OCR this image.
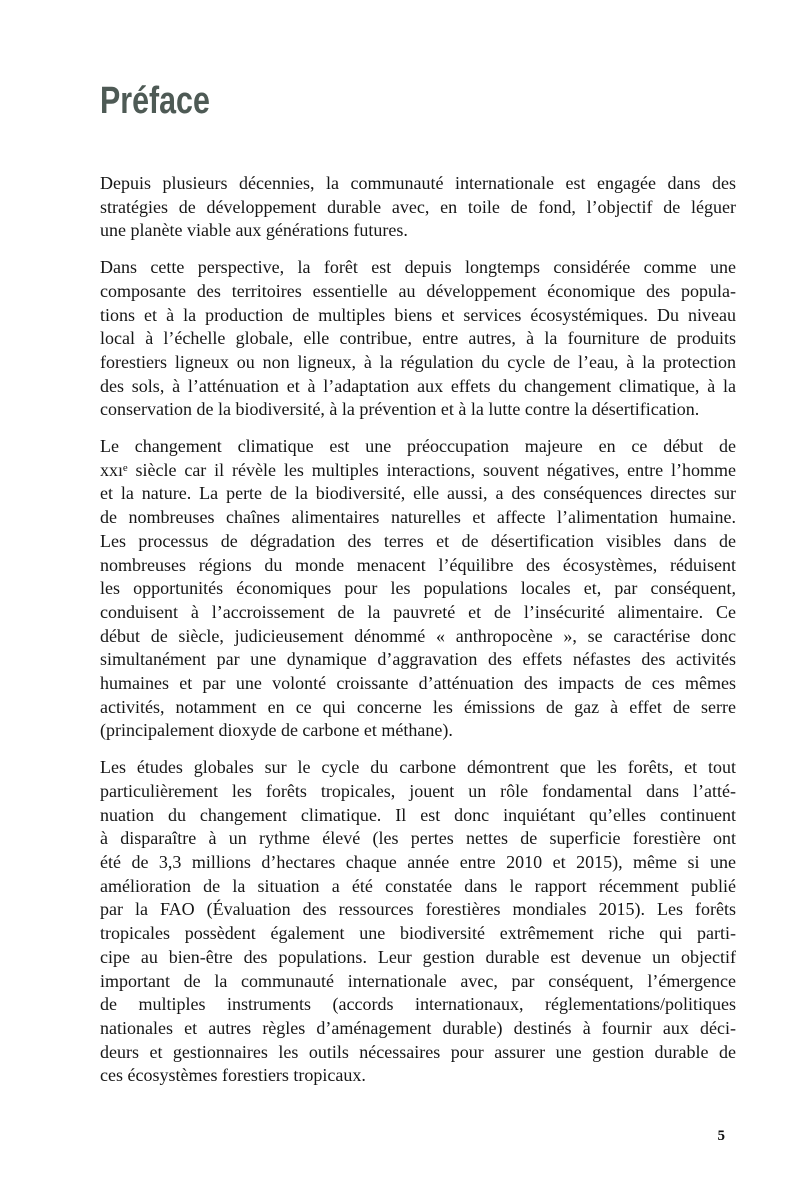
Préface

Depuis plusieurs décennies, la communauté internationale est engagée dans des
stratégies de développement durable avec, en toile de fond, l’objectif de léguer
une planète viable aux générations futures.

Dans cette perspective, la forêt est depuis longtemps considérée comme une
composante des territoires essentielle au développement économique des popula-
tions et à la production de multiples biens et services écosystémiques. Du niveau
local à l’échelle globale, elle contribue, entre autres, à la fourniture de produits
forestiers ligneux ou non ligneux, à la régulation du cycle de l’eau, à la protection
des sols, à l’atténuation et à l’adaptation aux effets du changement climatique, à la
conservation de la biodiversité, à la prévention et à la lutte contre la désertification.

Le changement climatique est une préoccupation majeure en ce début de
xxıᵉ siècle car il révèle les multiples interactions, souvent négatives, entre l’homme
et la nature. La perte de la biodiversité, elle aussi, a des conséquences directes sur
de nombreuses chaînes alimentaires naturelles et affecte l’alimentation humaine.
Les processus de dégradation des terres et de désertification visibles dans de
nombreuses régions du monde menacent l’équilibre des écosystèmes, réduisent
les opportunités économiques pour les populations locales et, par conséquent,
conduisent à l’accroissement de la pauvreté et de l’insécurité alimentaire. Ce
début de siècle, judicieusement dénommé « anthropocène », se caractérise donc
simultanément par une dynamique d’aggravation des effets néfastes des activités
humaines et par une volonté croissante d’atténuation des impacts de ces mêmes
activités, notamment en ce qui concerne les émissions de gaz à effet de serre
(principalement dioxyde de carbone et méthane).

Les études globales sur le cycle du carbone démontrent que les forêts, et tout
particulièrement les forêts tropicales, jouent un rôle fondamental dans l’atté-
nuation du changement climatique. Il est donc inquiétant qu’elles continuent
à disparaître à un rythme élevé (les pertes nettes de superficie forestière ont
été de 3,3 millions d’hectares chaque année entre 2010 et 2015), même si une
amélioration de la situation a été constatée dans le rapport récemment publié
par la FAO (Évaluation des ressources forestières mondiales 2015). Les forêts
tropicales possèdent également une biodiversité extrêmement riche qui parti-
cipe au bien-être des populations. Leur gestion durable est devenue un objectif
important de la communauté internationale avec, par conséquent, l’émergence
de multiples instruments (accords internationaux, réglementations/politiques
nationales et autres règles d’aménagement durable) destinés à fournir aux déci-
deurs et gestionnaires les outils nécessaires pour assurer une gestion durable de
ces écosystèmes forestiers tropicaux.

5
